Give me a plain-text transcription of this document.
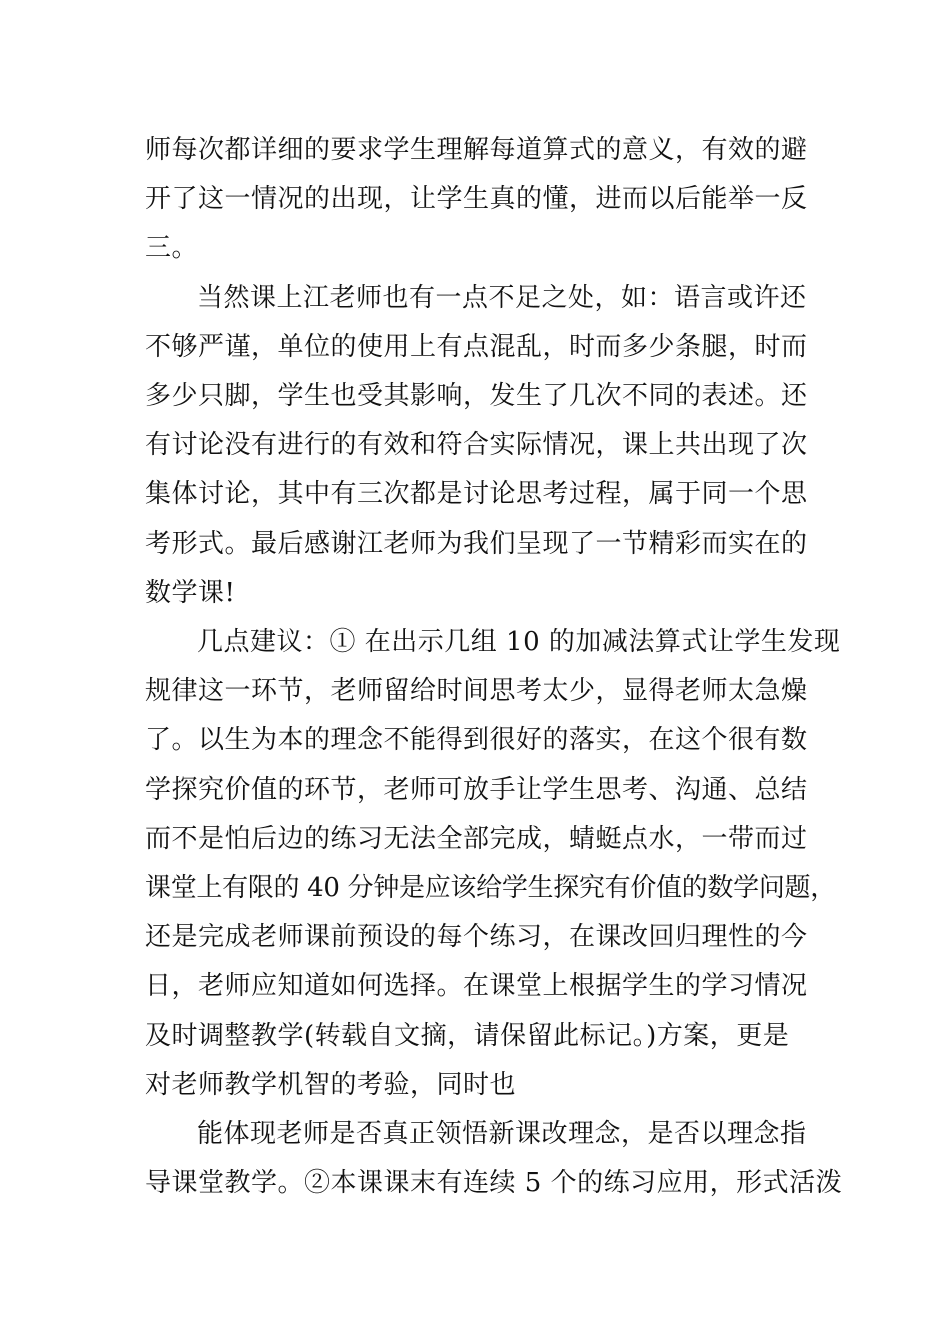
师每次都详细的要求学生理解每道算式的意义，有效的避
开了这一情况的出现，让学生真的懂，进而以后能举一反
三。

当然课上江老师也有一点不足之处，如：语言或许还
不够严谨，单位的使用上有点混乱，时而多少条腿，时而
多少只脚，学生也受其影响，发生了几次不同的表述。还
有讨论没有进行的有效和符合实际情况，课上共出现了次
集体讨论，其中有三次都是讨论思考过程，属于同一个思
考形式。最后感谢江老师为我们呈现了一节精彩而实在的
数学课!

几点建议：① 在出示几组 10 的加减法算式让学生发现
规律这一环节，老师留给时间思考太少，显得老师太急燥
了。以生为本的理念不能得到很好的落实，在这个很有数
学探究价值的环节，老师可放手让学生思考、沟通、总结
而不是怕后边的练习无法全部完成，蜻蜓点水，一带而过
课堂上有限的 40 分钟是应该给学生探究有价值的数学问题，
还是完成老师课前预设的每个练习，在课改回归理性的今
日，老师应知道如何选择。在课堂上根据学生的学习情况
及时调整教学(转载自文摘，请保留此标记。)方案，更是
对老师教学机智的考验，同时也

能体现老师是否真正领悟新课改理念，是否以理念指
导课堂教学。②本课课末有连续 5 个的练习应用，形式活泼
